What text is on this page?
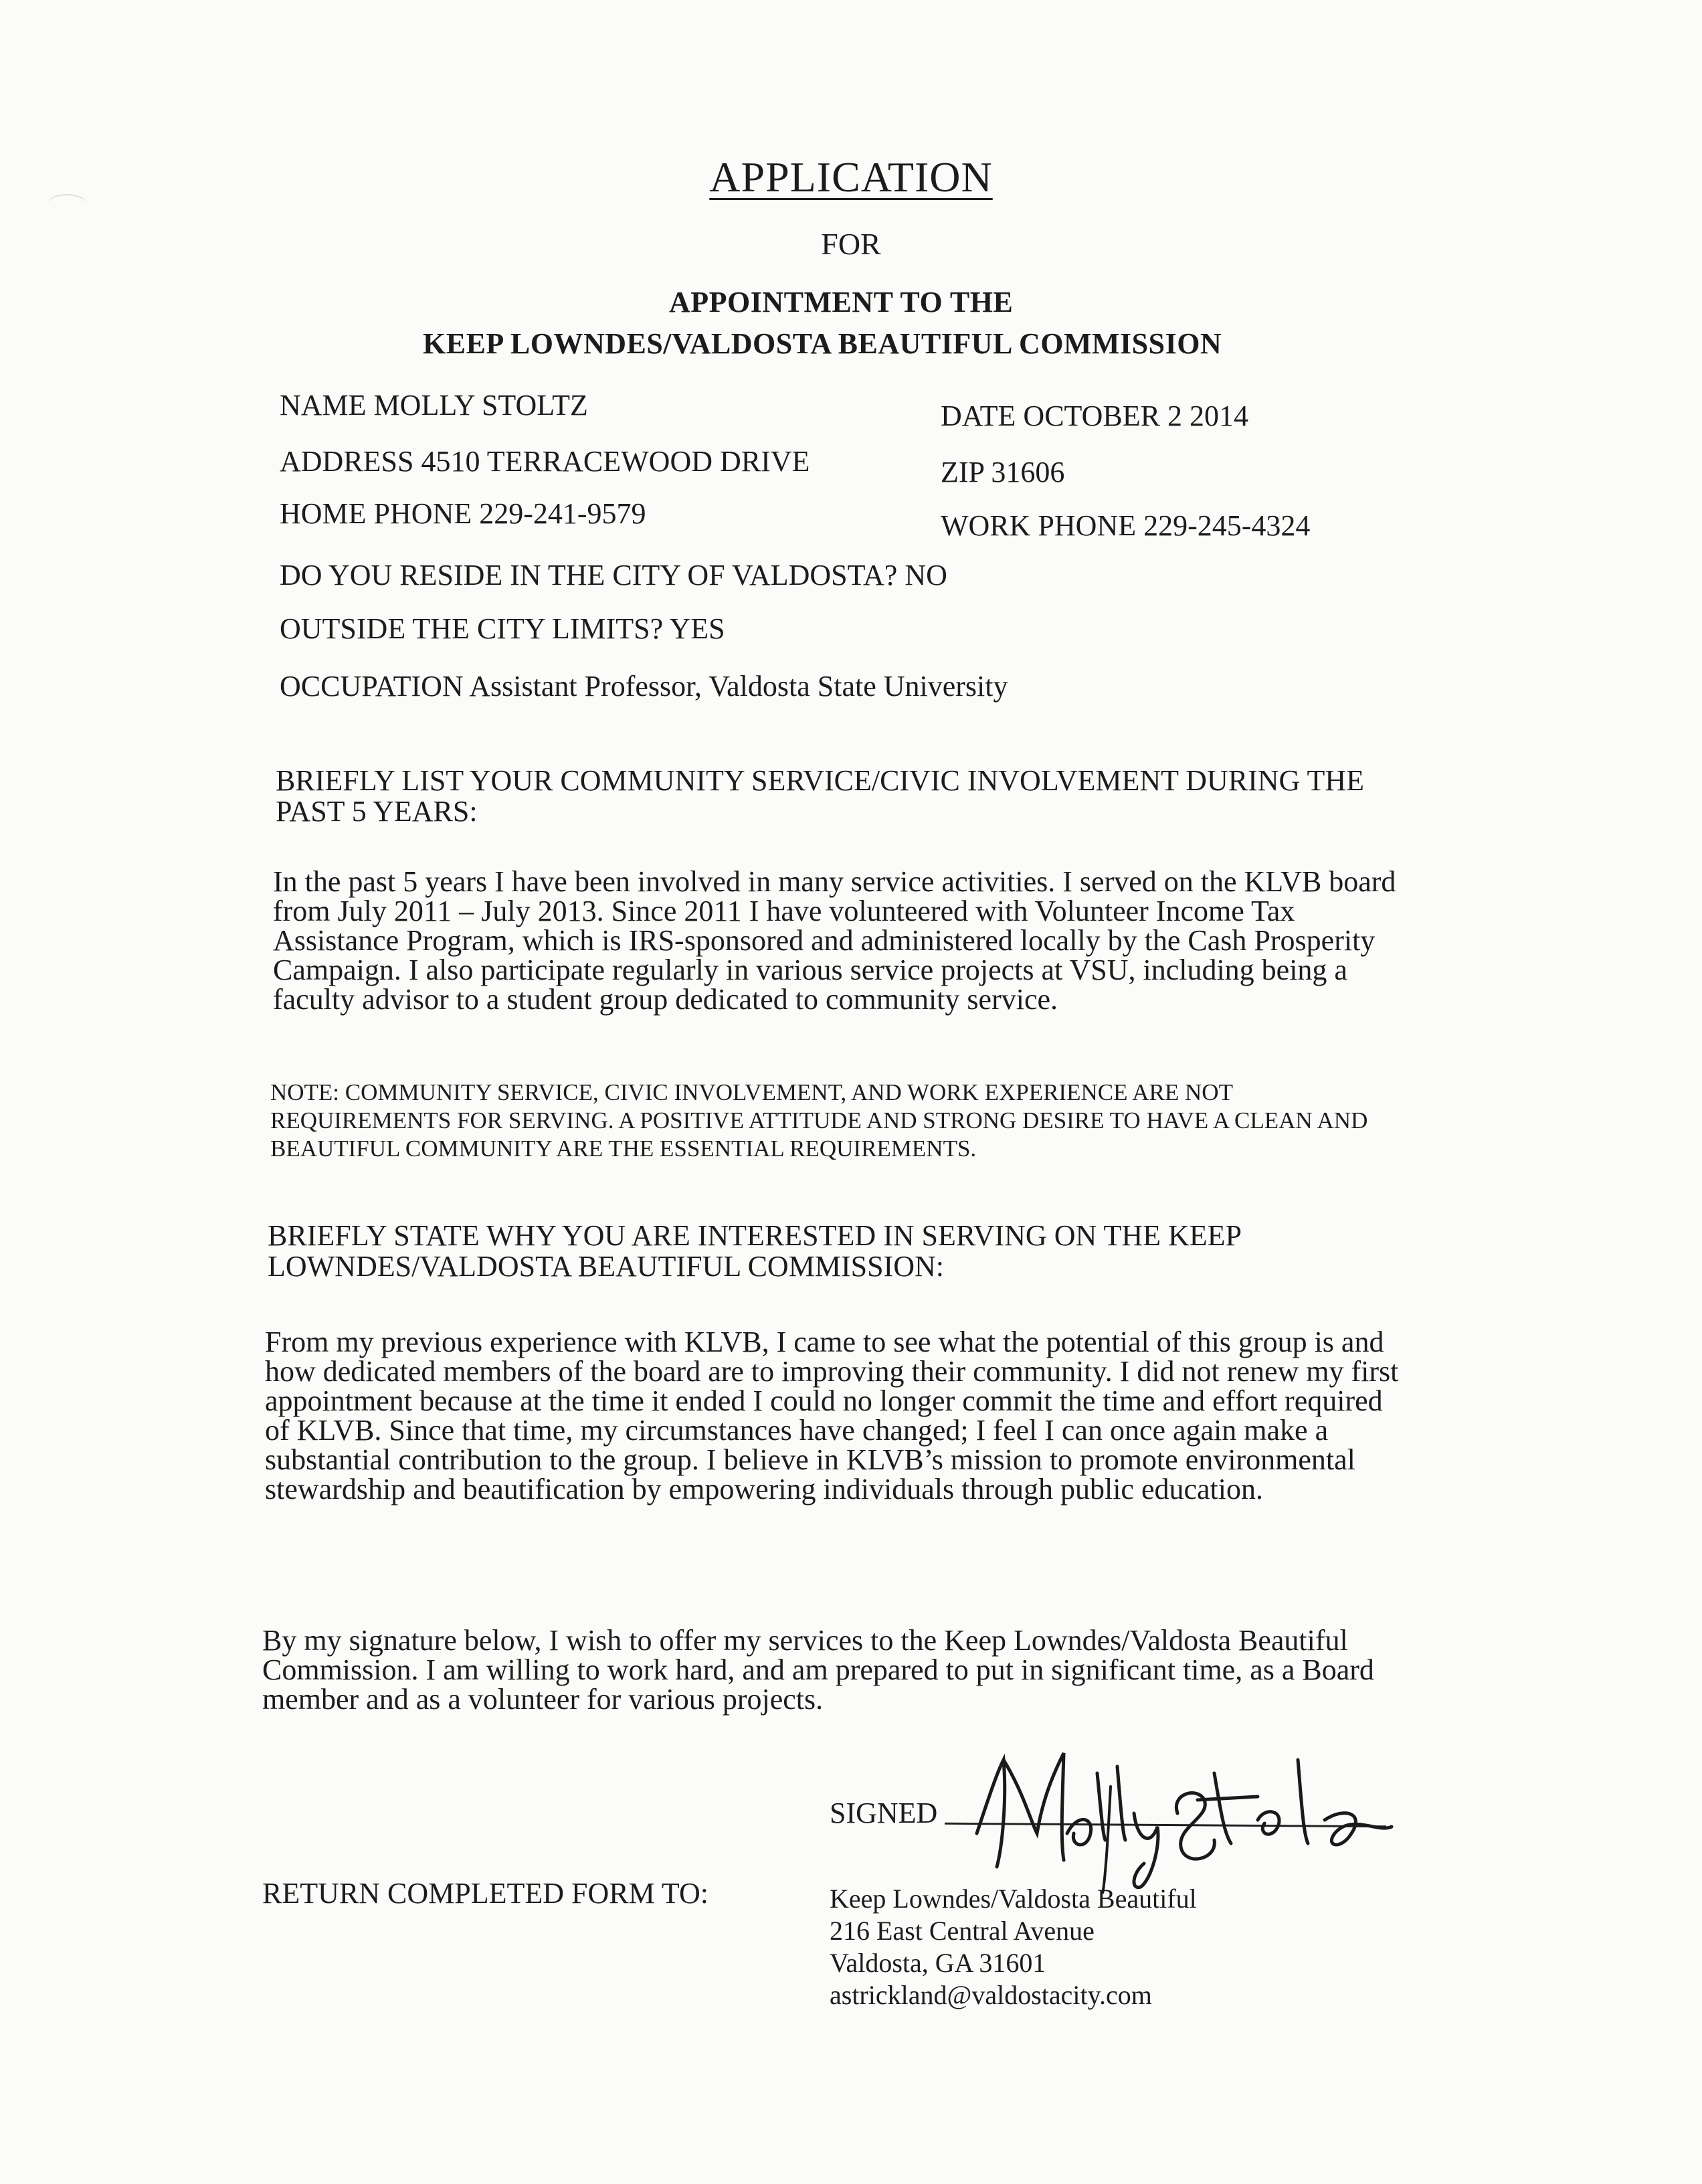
APPLICATION
FOR
APPOINTMENT TO THE
KEEP LOWNDES/VALDOSTA BEAUTIFUL COMMISSION
NAME MOLLY STOLTZ	DATE OCTOBER 2 2014
ADDRESS 4510 TERRACEWOOD DRIVE	ZIP 31606
HOME PHONE 229-241-9579	WORK PHONE 229-245-4324
DO YOU RESIDE IN THE CITY OF VALDOSTA? NO
OUTSIDE THE CITY LIMITS? YES
OCCUPATION Assistant Professor, Valdosta State University
BRIEFLY LIST YOUR COMMUNITY SERVICE/CIVIC INVOLVEMENT DURING THE PAST 5 YEARS:
In the past 5 years I have been involved in many service activities. I served on the KLVB board from July 2011 – July 2013. Since 2011 I have volunteered with Volunteer Income Tax Assistance Program, which is IRS-sponsored and administered locally by the Cash Prosperity Campaign. I also participate regularly in various service projects at VSU, including being a faculty advisor to a student group dedicated to community service.
NOTE: COMMUNITY SERVICE, CIVIC INVOLVEMENT, AND WORK EXPERIENCE ARE NOT REQUIREMENTS FOR SERVING. A POSITIVE ATTITUDE AND STRONG DESIRE TO HAVE A CLEAN AND BEAUTIFUL COMMUNITY ARE THE ESSENTIAL REQUIREMENTS.
BRIEFLY STATE WHY YOU ARE INTERESTED IN SERVING ON THE KEEP LOWNDES/VALDOSTA BEAUTIFUL COMMISSION:
From my previous experience with KLVB, I came to see what the potential of this group is and how dedicated members of the board are to improving their community. I did not renew my first appointment because at the time it ended I could no longer commit the time and effort required of KLVB. Since that time, my circumstances have changed; I feel I can once again make a substantial contribution to the group. I believe in KLVB’s mission to promote environmental stewardship and beautification by empowering individuals through public education.
By my signature below, I wish to offer my services to the Keep Lowndes/Valdosta Beautiful Commission. I am willing to work hard, and am prepared to put in significant time, as a Board member and as a volunteer for various projects.
SIGNED
RETURN COMPLETED FORM TO:	Keep Lowndes/Valdosta Beautiful
216 East Central Avenue
Valdosta, GA 31601
astrickland@valdostacity.com
